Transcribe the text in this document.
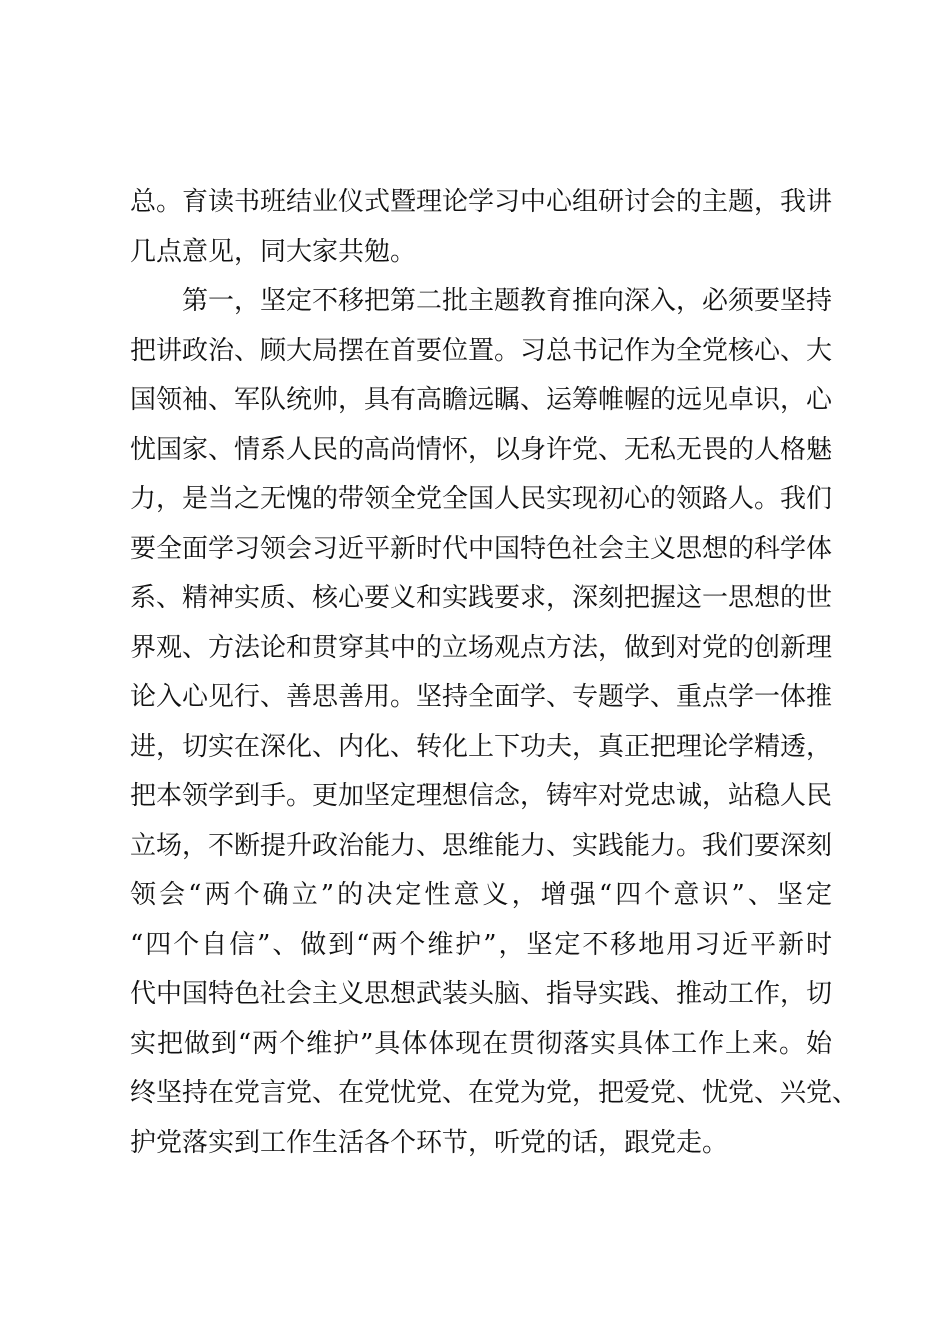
总。育读书班结业仪式暨理论学习中心组研讨会的主题，我讲
几点意见，同大家共勉。
第一，坚定不移把第二批主题教育推向深入，必须要坚持
把讲政治、顾大局摆在首要位置。习总书记作为全党核心、大
国领袖、军队统帅，具有高瞻远瞩、运筹帷幄的远见卓识，心
忧国家、情系人民的高尚情怀，以身许党、无私无畏的人格魅
力，是当之无愧的带领全党全国人民实现初心的领路人。我们
要全面学习领会习近平新时代中国特色社会主义思想的科学体
系、精神实质、核心要义和实践要求，深刻把握这一思想的世
界观、方法论和贯穿其中的立场观点方法，做到对党的创新理
论入心见行、善思善用。坚持全面学、专题学、重点学一体推
进，切实在深化、内化、转化上下功夫，真正把理论学精透，
把本领学到手。更加坚定理想信念，铸牢对党忠诚，站稳人民
立场，不断提升政治能力、思维能力、实践能力。我们要深刻
领会“两个确立”的决定性意义，增强“四个意识”、坚定
“四个自信”、做到“两个维护”，坚定不移地用习近平新时
代中国特色社会主义思想武装头脑、指导实践、推动工作，切
实把做到“两个维护”具体体现在贯彻落实具体工作上来。始
终坚持在党言党、在党忧党、在党为党，把爱党、忧党、兴党、
护党落实到工作生活各个环节，听党的话，跟党走。
